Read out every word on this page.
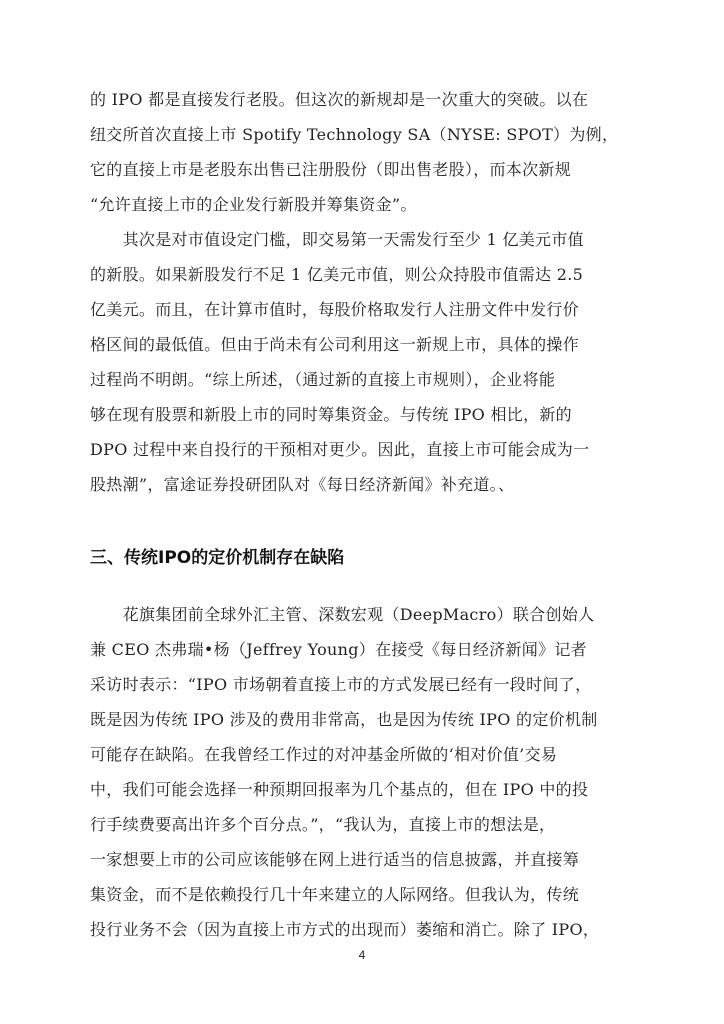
的 IPO 都是直接发行老股。但这次的新规却是一次重大的突破。以在
纽交所首次直接上市 Spotify Technology SA（NYSE: SPOT）为例，
它的直接上市是老股东出售已注册股份（即出售老股），而本次新规
“允许直接上市的企业发行新股并筹集资金”。
　　其次是对市值设定门槛，即交易第一天需发行至少 1 亿美元市值
的新股。如果新股发行不足 1 亿美元市值，则公众持股市值需达 2.5
亿美元。而且，在计算市值时，每股价格取发行人注册文件中发行价
格区间的最低值。但由于尚未有公司利用这一新规上市，具体的操作
过程尚不明朗。“综上所述，（通过新的直接上市规则），企业将能
够在现有股票和新股上市的同时筹集资金。与传统 IPO 相比，新的
DPO 过程中来自投行的干预相对更少。因此，直接上市可能会成为一
股热潮”，富途证券投研团队对《每日经济新闻》补充道。、
三、传统IPO的定价机制存在缺陷
　　花旗集团前全球外汇主管、深数宏观（DeepMacro）联合创始人
兼 CEO 杰弗瑞•杨（Jeffrey Young）在接受《每日经济新闻》记者
采访时表示：“IPO 市场朝着直接上市的方式发展已经有一段时间了，
既是因为传统 IPO 涉及的费用非常高，也是因为传统 IPO 的定价机制
可能存在缺陷。在我曾经工作过的对冲基金所做的‘相对价值’交易
中，我们可能会选择一种预期回报率为几个基点的，但在 IPO 中的投
行手续费要高出许多个百分点。”，“我认为，直接上市的想法是，
一家想要上市的公司应该能够在网上进行适当的信息披露，并直接筹
集资金，而不是依赖投行几十年来建立的人际网络。但我认为，传统
投行业务不会（因为直接上市方式的出现而）萎缩和消亡。除了 IPO，
4
